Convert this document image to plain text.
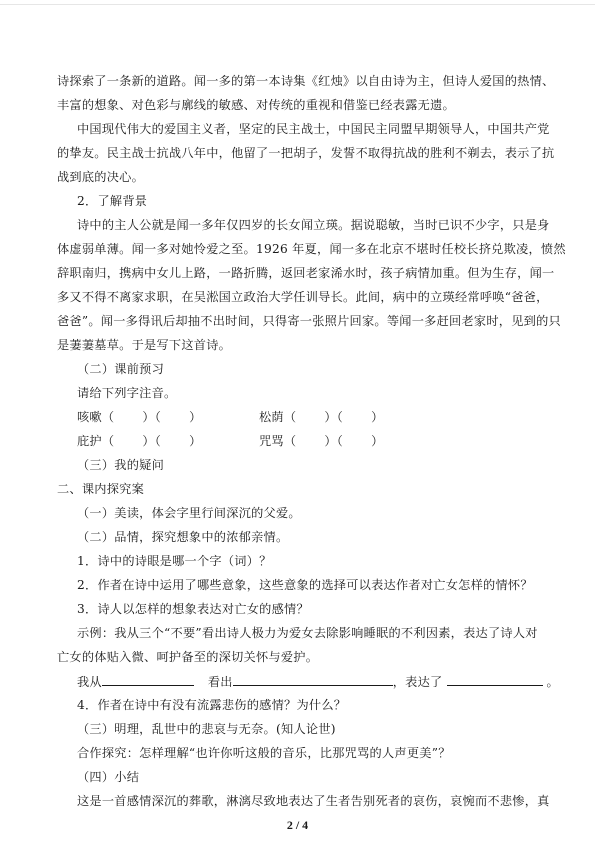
诗探索了一条新的道路。闻一多的第一本诗集《红烛》以自由诗为主，但诗人爱国的热情、
丰富的想象、对色彩与廓线的敏感、对传统的重视和借鉴已经表露无遗。
中国现代伟大的爱国主义者，坚定的民主战士，中国民主同盟早期领导人，中国共产党
的挚友。民主战士抗战八年中，他留了一把胡子，发誓不取得抗战的胜利不剃去，表示了抗
战到底的决心。
2．了解背景
诗中的主人公就是闻一多年仅四岁的长女闻立瑛。据说聪敏，当时已识不少字，只是身
体虚弱单薄。闻一多对她怜爱之至。1926 年夏，闻一多在北京不堪时任校长挤兑欺凌，愤然
辞职南归，携病中女儿上路，一路折腾，返回老家浠水时，孩子病情加重。但为生存，闻一
多又不得不离家求职，在吴淞国立政治大学任训导长。此间，病中的立瑛经常呼唤“爸爸，
爸爸”。闻一多得讯后却抽不出时间，只得寄一张照片回家。等闻一多赶回老家时，见到的只
是萋萋墓草。于是写下这首诗。
（二）课前预习
请给下列字注音。
咳嗽（ ）（ ）	松荫（ ）（ ）
庇护（ ）（ ）	咒骂（ ）（ ）
（三）我的疑问
二、课内探究案
（一）美读，体会字里行间深沉的父爱。
（二）品情，探究想象中的浓郁亲情。
1．诗中的诗眼是哪一个字（词）？
2．作者在诗中运用了哪些意象，这些意象的选择可以表达作者对亡女怎样的情怀？
3．诗人以怎样的想象表达对亡女的感情？
示例：我从三个“不要”看出诗人极力为爱女去除影响睡眠的不利因素，表达了诗人对
亡女的体贴入微、呵护备至的深切关怀与爱护。
我从	看出	，表达了	。
4．作者在诗中有没有流露悲伤的感情？为什么？
（三）明理，乱世中的悲哀与无奈。(知人论世)
合作探究：怎样理解“也许你听这般的音乐，比那咒骂的人声更美”？
（四）小结
这是一首感情深沉的葬歌，淋漓尽致地表达了生者告别死者的哀伤，哀惋而不悲惨，真
2 / 4
